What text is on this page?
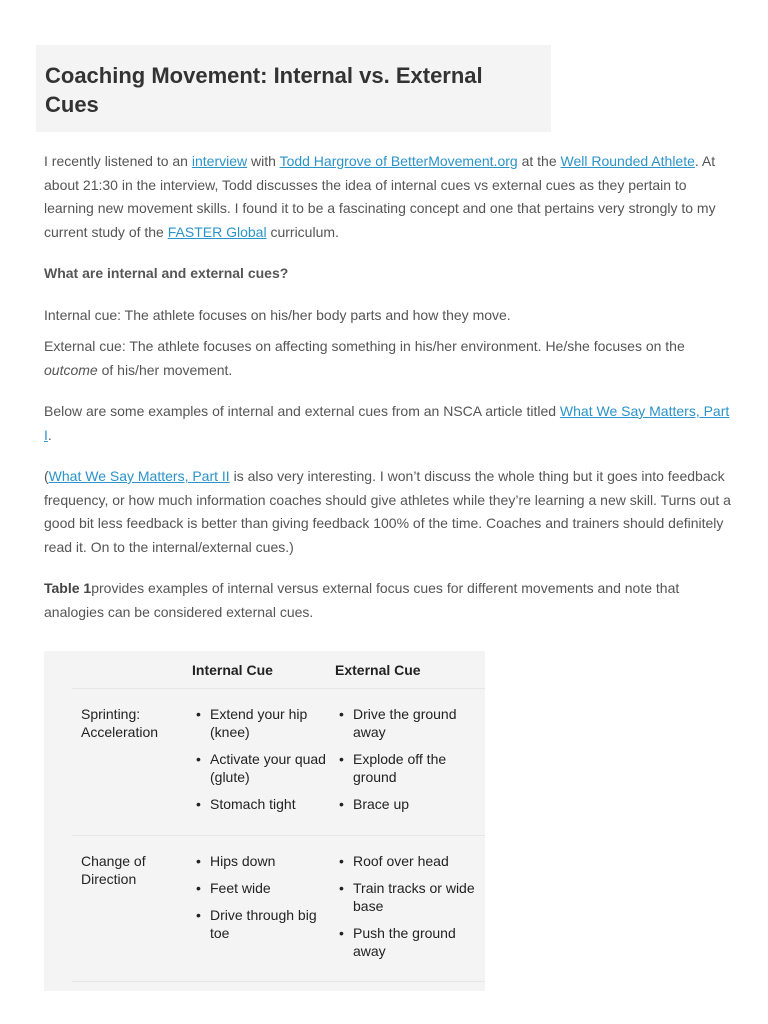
Coaching Movement: Internal vs. External Cues

I recently listened to an interview with Todd Hargrove of BetterMovement.org at the Well Rounded Athlete. At about 21:30 in the interview, Todd discusses the idea of internal cues vs external cues as they pertain to learning new movement skills. I found it to be a fascinating concept and one that pertains very strongly to my current study of the FASTER Global curriculum.

What are internal and external cues?

Internal cue: The athlete focuses on his/her body parts and how they move.

External cue: The athlete focuses on affecting something in his/her environment. He/she focuses on the outcome of his/her movement.

Below are some examples of internal and external cues from an NSCA article titled What We Say Matters, Part I.

(What We Say Matters, Part II is also very interesting. I won’t discuss the whole thing but it goes into feedback frequency, or how much information coaches should give athletes while they’re learning a new skill. Turns out a good bit less feedback is better than giving feedback 100% of the time. Coaches and trainers should definitely read it. On to the internal/external cues.)

Table 1provides examples of internal versus external focus cues for different movements and note that analogies can be considered external cues.

Internal Cue	External Cue
Sprinting: Acceleration
• Extend your hip (knee)
• Activate your quad (glute)
• Stomach tight
• Drive the ground away
• Explode off the ground
• Brace up
Change of Direction
• Hips down
• Feet wide
• Drive through big toe
• Roof over head
• Train tracks or wide base
• Push the ground away
